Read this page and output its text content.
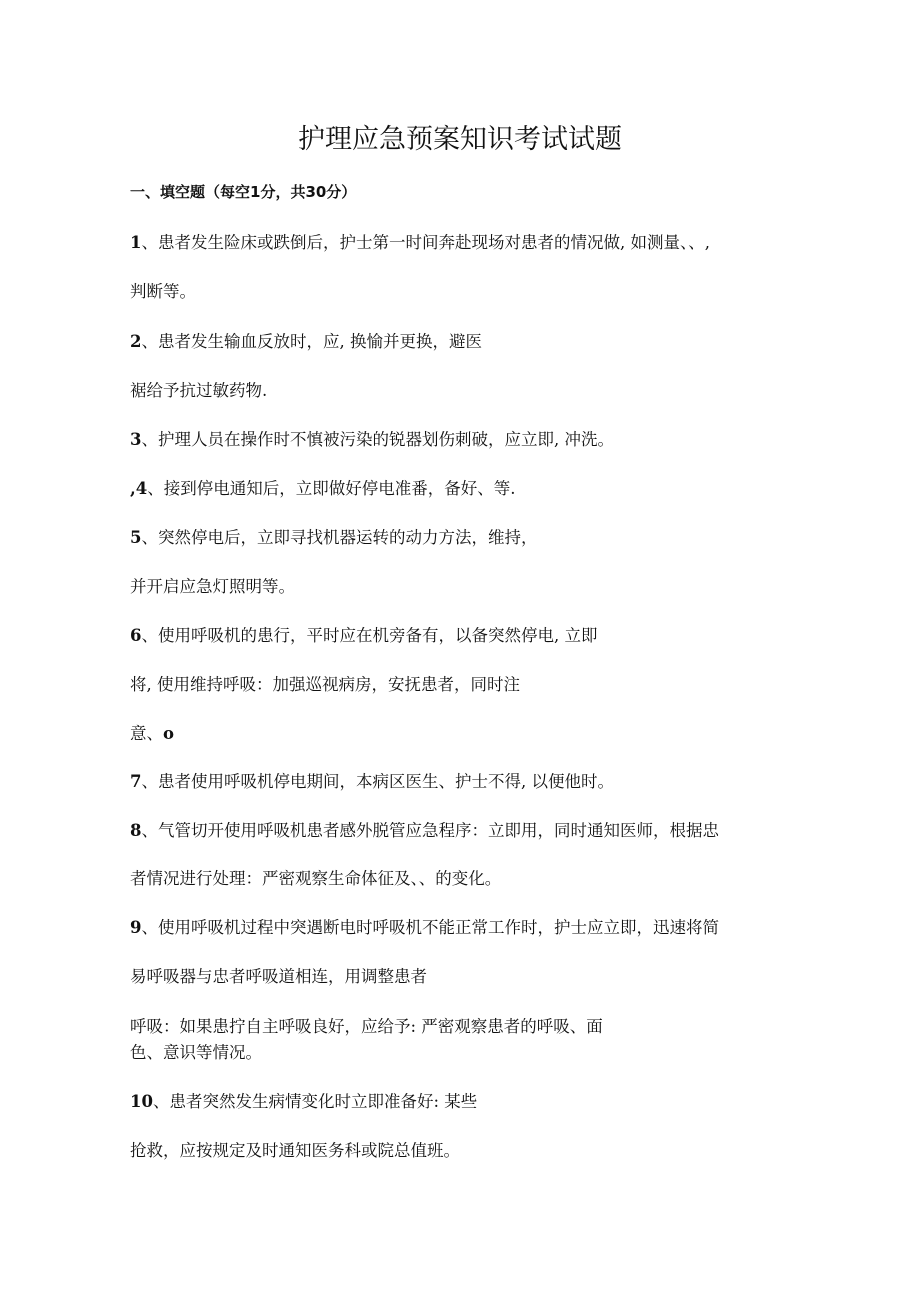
护理应急预案知识考试试题
一、填空题（每空1分，共30分）
1、患者发生险床或跌倒后，护士第一时间奔赴现场对患者的情况做, 如测量、、,
判断等。
2、患者发生输血反放时，应, 换愉并更换，避医
裾给予抗过敏药物.
3、护理人员在操作时不慎被污染的锐器划伤刺破，应立即, 冲洗。
,4、接到停电通知后，立即做好停电准番，备好、等.
5、突然停电后，立即寻找机器运转的动力方法，维持，
并开启应急灯照明等。
6、使用呼吸机的患行，平时应在机旁备有，以备突然停电, 立即
将, 使用维持呼吸：加强巡视病房，安抚患者，同时注
意、o
7、患者使用呼吸机停电期间，本病区医生、护士不得, 以便他时。
8、气管切开使用呼吸机患者感外脱管应急程序：立即用，同时通知医师，根据忠
者情况进行处理：严密观察生命体征及、、的变化。
9、使用呼吸机过程中突遇断电时呼吸机不能正常工作时，护士应立即，迅速将简
易呼吸器与忠者呼吸道相连，用调整患者
呼吸：如果患拧自主呼吸良好，应给予: 严密观察患者的呼吸、面
色、意识等情况。
10、患者突然发生病情变化时立即准备好: 某些
抢救，应按规定及时通知医务科或院总值班。
